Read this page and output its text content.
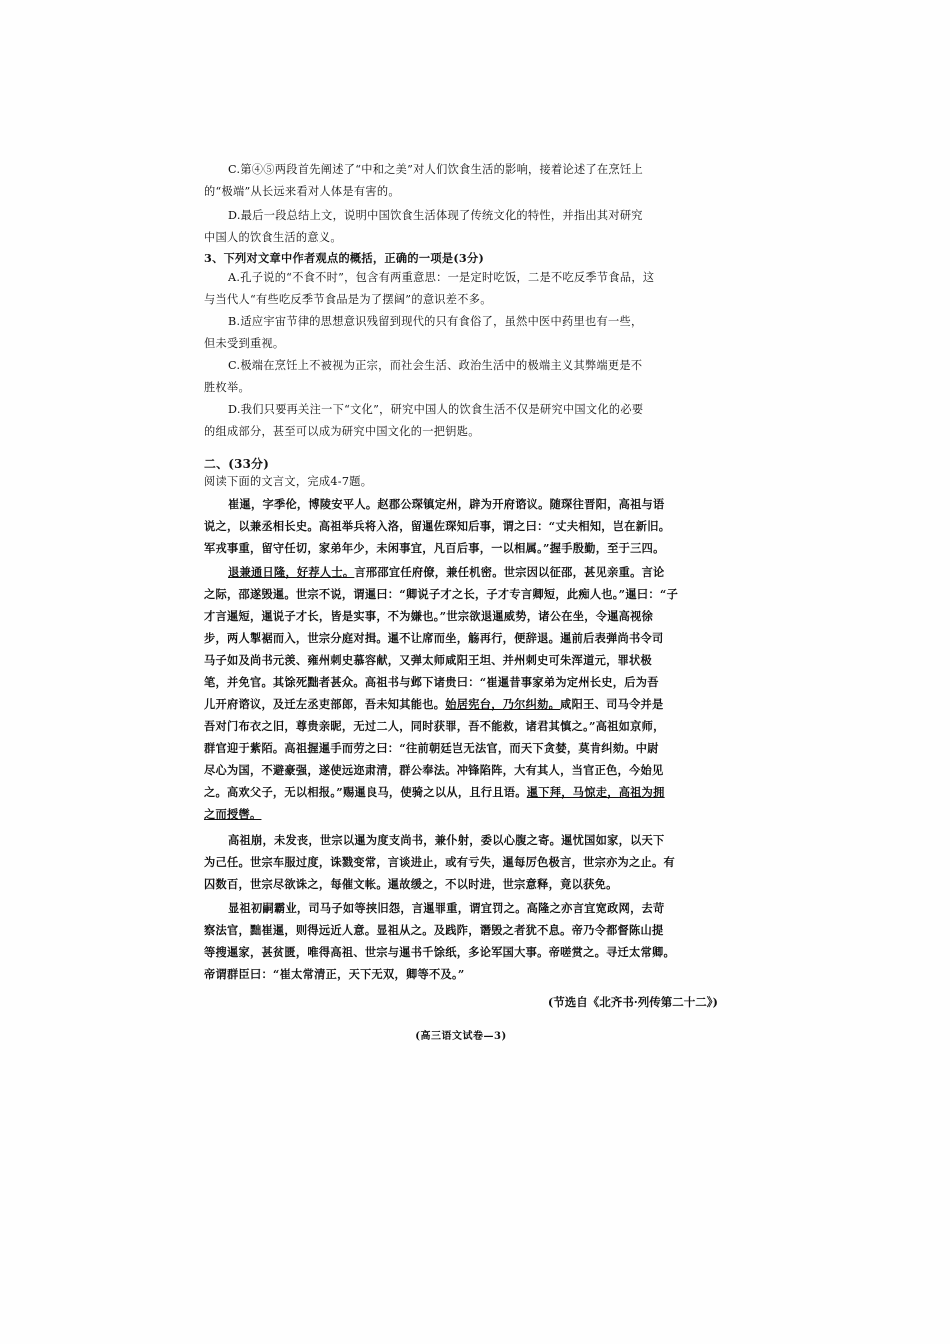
C.第④⑤两段首先阐述了“中和之美”对人们饮食生活的影响，接着论述了在烹饪上
的“极端”从长远来看对人体是有害的。
D.最后一段总结上文，说明中国饮食生活体现了传统文化的特性，并指出其对研究
中国人的饮食生活的意义。
3、下列对文章中作者观点的概括，正确的一项是(3分)
A.孔子说的“不食不时”，包含有两重意思：一是定时吃饭，二是不吃反季节食品，这
与当代人“有些吃反季节食品是为了摆阔”的意识差不多。
B.适应宇宙节律的思想意识残留到现代的只有食俗了，虽然中医中药里也有一些，
但未受到重视。
C.极端在烹饪上不被视为正宗，而社会生活、政治生活中的极端主义其弊端更是不
胜枚举。
D.我们只要再关注一下“文化”，研究中国人的饮食生活不仅是研究中国文化的必要
的组成部分，甚至可以成为研究中国文化的一把钥匙。
二、(33分)
阅读下面的文言文，完成4-7题。
崔暹，字季伦，博陵安平人。赵郡公琛镇定州，辟为开府谘议。随琛往晋阳，高祖与语
说之，以兼丞相长史。高祖举兵将入洛，留暹佐琛知后事，谓之曰：“丈夫相知，岂在新旧。
军戎事重，留守任切，家弟年少，未闲事宜，凡百后事，一以相属。”握手殷勤，至于三四。
退兼通日隆，好荐人士。言邢邵宜任府僚，兼任机密。世宗因以征邵，甚见亲重。言论
之际，邵遂毁暹。世宗不说，谓暹曰：“卿说子才之长，子才专言卿短，此痴人也。”暹曰：“子
才言暹短，暹说子才长，皆是实事，不为嫌也。”世宗欲退暹威势，诸公在坐，令暹高视徐
步，两人掣裾而入，世宗分庭对揖。暹不让席而坐，觞再行，便辞退。暹前后表弹尚书令司
马子如及尚书元羡、雍州刺史慕容献，又弹太师咸阳王坦、并州刺史可朱浑道元，罪状极
笔，并免官。其馀死黜者甚众。高祖书与邺下诸贵曰：“崔暹昔事家弟为定州长史，后为吾
儿开府谘议，及迁左丞吏部郎，吾未知其能也。始居宪台，乃尔纠劾。咸阳王、司马令并是
吾对门布衣之旧，尊贵亲昵，无过二人，同时获罪，吾不能救，诸君其慎之。”高祖如京师，
群官迎于紫陌。高祖握暹手而劳之曰：“往前朝廷岂无法官，而天下贪婪，莫肯纠劾。中尉
尽心为国，不避豪强，遂使远迩肃清，群公奉法。冲锋陷阵，大有其人，当官正色，今始见
之。高欢父子，无以相报。”赐暹良马，使骑之以从，且行且语。暹下拜，马惊走，高祖为拥
之而授辔。
高祖崩，未发丧，世宗以暹为度支尚书，兼仆射，委以心腹之寄。暹忧国如家，以天下
为己任。世宗车服过度，诛戮变常，言谈进止，或有亏失，暹每厉色极言，世宗亦为之止。有
囚数百，世宗尽欲诛之，每催文帐。暹故缓之，不以时进，世宗意释，竟以获免。
显祖初嗣霸业，司马子如等挟旧怨，言暹罪重，谓宜罚之。高隆之亦言宜宽政网，去苛
察法官，黜崔暹，则得远近人意。显祖从之。及践阼，谮毁之者犹不息。帝乃令都督陈山提
等搜暹家，甚贫匮，唯得高祖、世宗与暹书千馀纸，多论军国大事。帝嗟赏之。寻迁太常卿。
帝谓群臣曰：“崔太常清正，天下无双，卿等不及。”
(节选自《北齐书·列传第二十二》)
(高三语文试卷—3)
